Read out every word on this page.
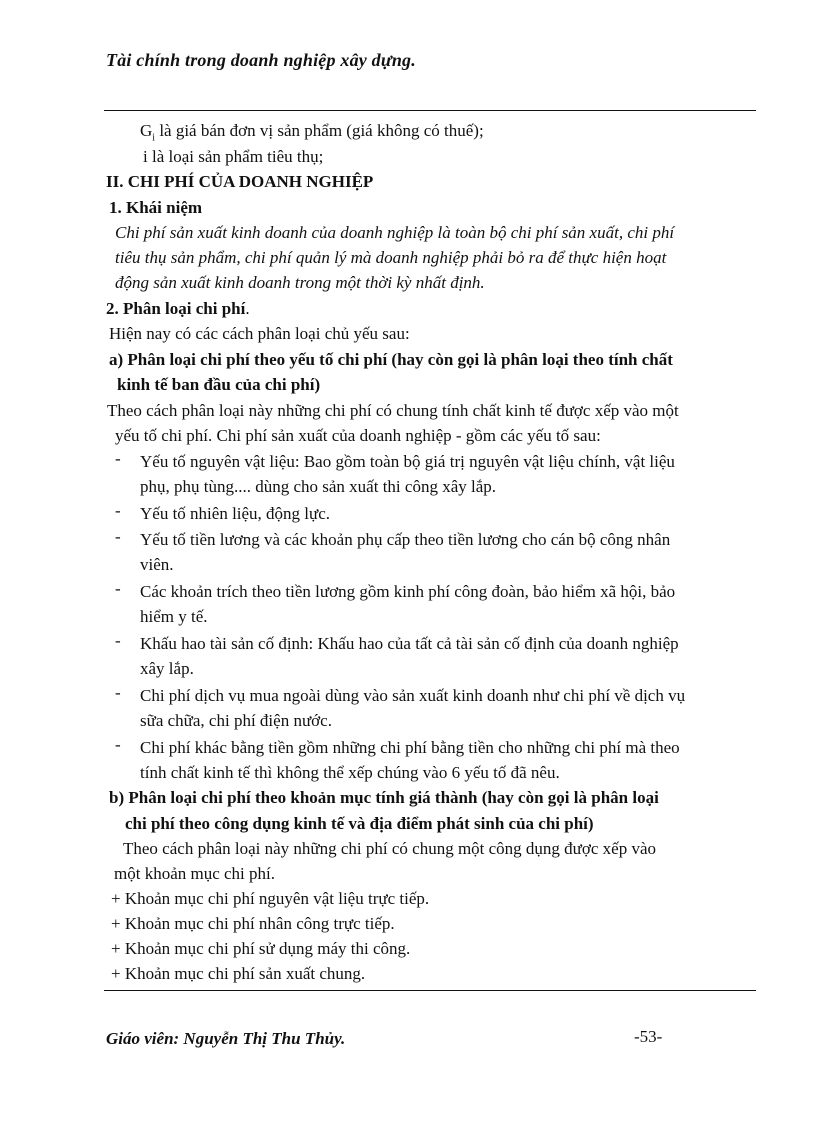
Tài chính trong doanh nghiệp xây dựng.
$G_i$ là giá bán đơn vị sản phẩm (giá không có thuế);
i là loại sản phẩm tiêu thụ;
II. CHI PHÍ CỦA DOANH NGHIỆP
1. Khái niệm
Chi phí sản xuất kinh doanh của doanh nghiệp là toàn bộ chi phí sản xuất, chi phí
tiêu thụ sản phẩm, chi phí quản lý mà doanh nghiệp phải bỏ ra để thực hiện hoạt
động sản xuất kinh doanh trong một thời kỳ nhất định.
2. Phân loại chi phí.
Hiện nay có các cách phân loại chủ yếu sau:
a) Phân loại chi phí theo yếu tố chi phí (hay còn gọi là phân loại theo tính chất
kinh tế ban đầu của chi phí)
Theo cách phân loại này những chi phí có chung tính chất kinh tế được xếp vào một
yếu tố chi phí. Chi phí sản xuất của doanh nghiệp - gồm các yếu tố sau:
- Yếu tố nguyên vật liệu: Bao gồm toàn bộ giá trị nguyên vật liệu chính, vật liệu
phụ, phụ tùng.... dùng cho sản xuất thi công xây lắp.
- Yếu tố nhiên liệu, động lực.
- Yếu tố tiền lương và các khoản phụ cấp theo tiền lương cho cán bộ công nhân
viên.
- Các khoản trích theo tiền lương gồm kinh phí công đoàn, bảo hiểm xã hội, bảo
hiểm y tế.
- Khấu hao tài sản cố định: Khấu hao của tất cả tài sản cố định của doanh nghiệp
xây lắp.
- Chi phí dịch vụ mua ngoài dùng vào sản xuất kinh doanh như chi phí về dịch vụ
sữa chữa, chi phí điện nước.
- Chi phí khác bằng tiền gồm những chi phí bằng tiền cho những chi phí mà theo
tính chất kinh tế thì không thể xếp chúng vào 6 yếu tố đã nêu.
b) Phân loại chi phí theo khoản mục tính giá thành (hay còn gọi là phân loại
chi phí theo công dụng kinh tế và địa điểm phát sinh của chi phí)
Theo cách phân loại này những chi phí có chung một công dụng được xếp vào
một khoản mục chi phí.
+ Khoản mục chi phí nguyên vật liệu trực tiếp.
+ Khoản mục chi phí nhân công trực tiếp.
+ Khoản mục chi phí sử dụng máy thi công.
+ Khoản mục chi phí sản xuất chung.
Giáo viên: Nguyễn Thị Thu Thủy.	-53-
